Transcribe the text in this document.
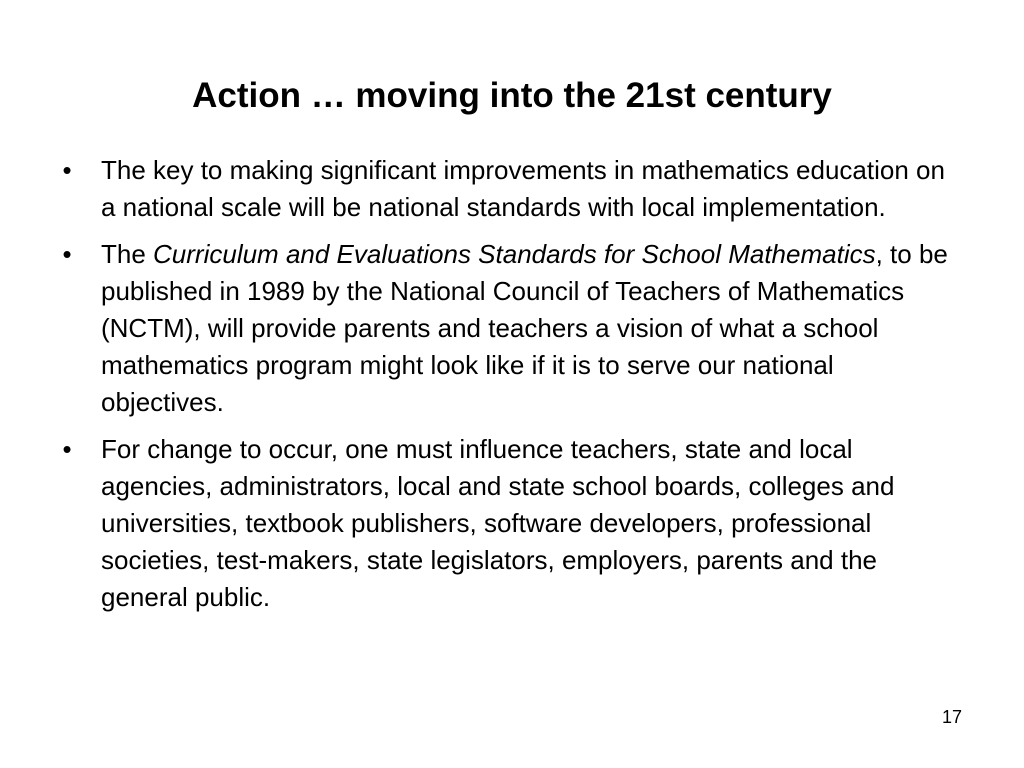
Action … moving into the 21st century
• The key to making significant improvements in mathematics education on a national scale will be national standards with local implementation.
• The Curriculum and Evaluations Standards for School Mathematics, to be published in 1989 by the National Council of Teachers of Mathematics (NCTM), will provide parents and teachers a vision of what a school mathematics program might look like if it is to serve our national objectives.
• For change to occur, one must influence teachers, state and local agencies, administrators, local and state school boards, colleges and universities, textbook publishers, software developers, professional societies, test-makers, state legislators, employers, parents and the general public.
17
